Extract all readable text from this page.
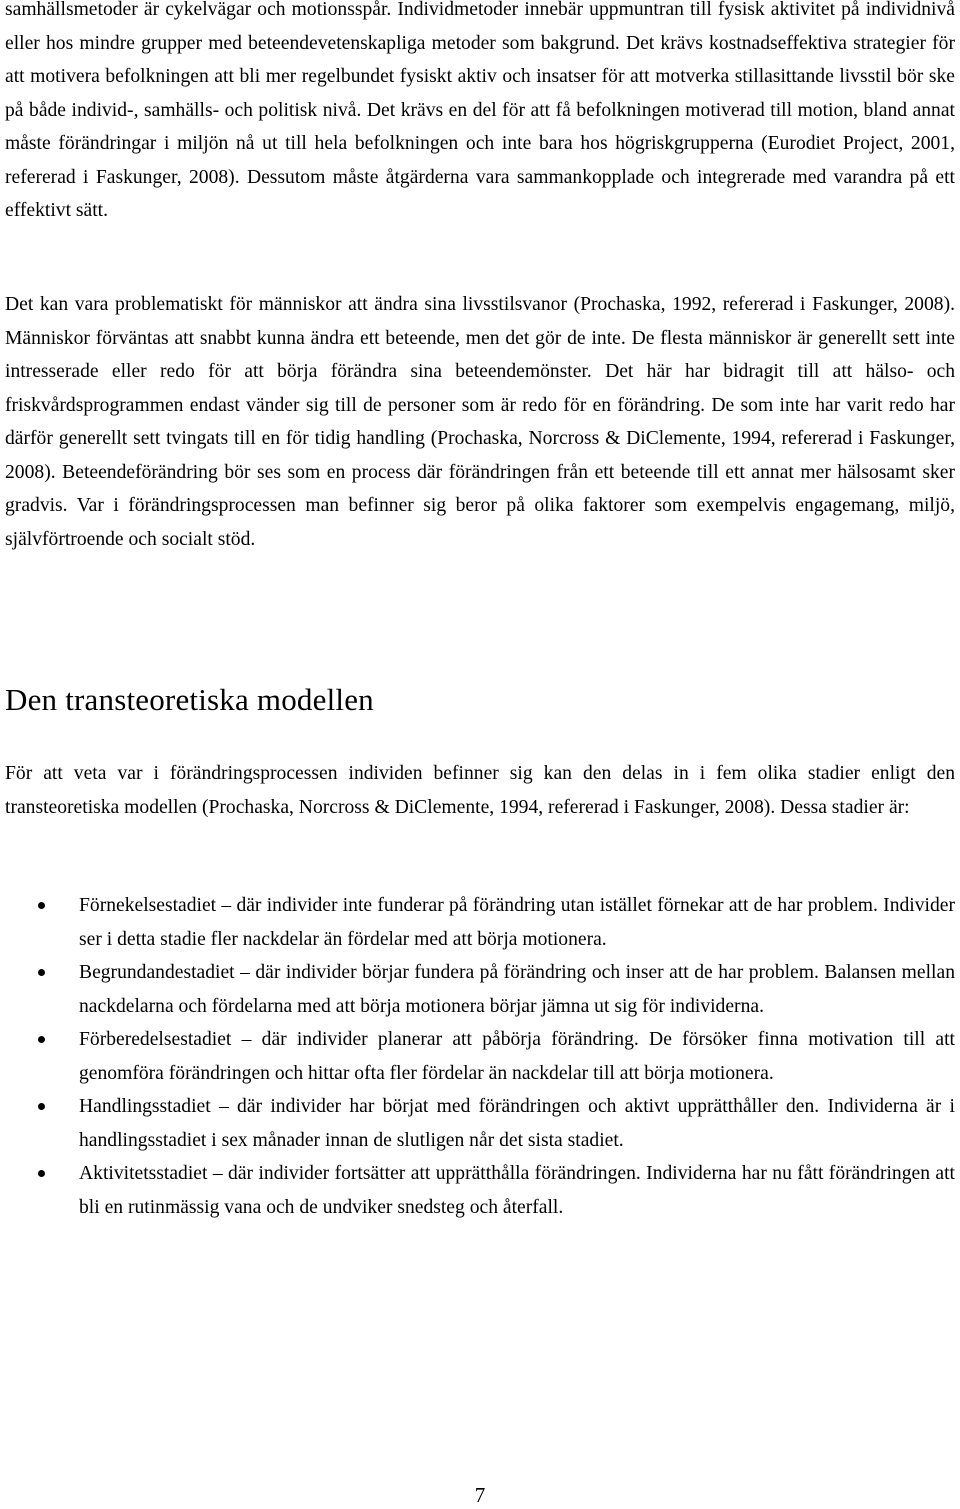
samhällsmetoder är cykelvägar och motionsspår. Individmetoder innebär uppmuntran till fysisk aktivitet på individnivå eller hos mindre grupper med beteendevetenskapliga metoder som bakgrund. Det krävs kostnadseffektiva strategier för att motivera befolkningen att bli mer regelbundet fysiskt aktiv och insatser för att motverka stillasittande livsstil bör ske på både individ-, samhälls- och politisk nivå. Det krävs en del för att få befolkningen motiverad till motion, bland annat måste förändringar i miljön nå ut till hela befolkningen och inte bara hos högriskgrupperna (Eurodiet Project, 2001, refererad i Faskunger, 2008). Dessutom måste åtgärderna vara sammankopplade och integrerade med varandra på ett effektivt sätt.

Det kan vara problematiskt för människor att ändra sina livsstilsvanor (Prochaska, 1992, refererad i Faskunger, 2008). Människor förväntas att snabbt kunna ändra ett beteende, men det gör de inte. De flesta människor är generellt sett inte intresserade eller redo för att börja förändra sina beteendemönster. Det här har bidragit till att hälso- och friskvårdsprogrammen endast vänder sig till de personer som är redo för en förändring. De som inte har varit redo har därför generellt sett tvingats till en för tidig handling (Prochaska, Norcross & DiClemente, 1994, refererad i Faskunger, 2008). Beteendeförändring bör ses som en process där förändringen från ett beteende till ett annat mer hälsosamt sker gradvis. Var i förändringsprocessen man befinner sig beror på olika faktorer som exempelvis engagemang, miljö, självförtroende och socialt stöd.

Den transteoretiska modellen

För att veta var i förändringsprocessen individen befinner sig kan den delas in i fem olika stadier enligt den transteoretiska modellen (Prochaska, Norcross & DiClemente, 1994, refererad i Faskunger, 2008). Dessa stadier är:

Förnekelsestadiet – där individer inte funderar på förändring utan istället förnekar att de har problem. Individer ser i detta stadie fler nackdelar än fördelar med att börja motionera.
Begrundandestadiet – där individer börjar fundera på förändring och inser att de har problem. Balansen mellan nackdelarna och fördelarna med att börja motionera börjar jämna ut sig för individerna.
Förberedelsestadiet – där individer planerar att påbörja förändring. De försöker finna motivation till att genomföra förändringen och hittar ofta fler fördelar än nackdelar till att börja motionera.
Handlingsstadiet – där individer har börjat med förändringen och aktivt upprätthåller den. Individerna är i handlingsstadiet i sex månader innan de slutligen når det sista stadiet.
Aktivitetsstadiet – där individer fortsätter att upprätthålla förändringen. Individerna har nu fått förändringen att bli en rutinmässig vana och de undviker snedsteg och återfall.
7
